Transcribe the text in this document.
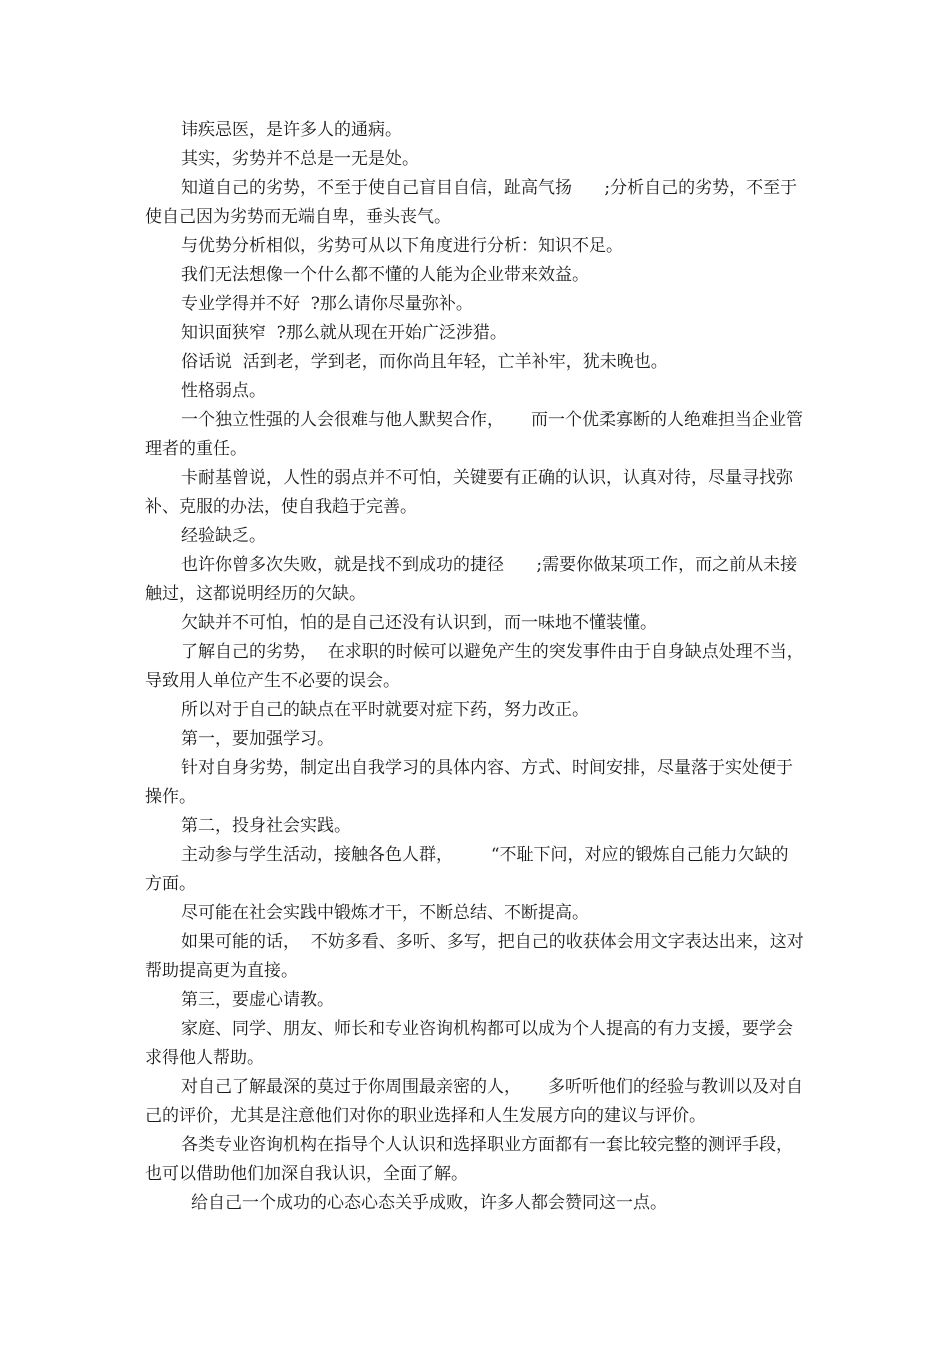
讳疾忌医，是许多人的通病。

其实，劣势并不总是一无是处。

知道自己的劣势，不至于使自己盲目自信，趾高气扬      ;分析自己的劣势，不至于使自己因为劣势而无端自卑，垂头丧气。

与优势分析相似，劣势可从以下角度进行分析：知识不足。

我们无法想像一个什么都不懂的人能为企业带来效益。

专业学得并不好  ?那么请你尽量弥补。

知识面狭窄  ?那么就从现在开始广泛涉猎。

俗话说  活到老，学到老，而你尚且年轻，亡羊补牢，犹未晚也。

性格弱点。

一个独立性强的人会很难与他人默契合作，     而一个优柔寡断的人绝难担当企业管理者的重任。

卡耐基曾说，人性的弱点并不可怕，关键要有正确的认识，认真对待，尽量寻找弥补、克服的办法，使自我趋于完善。

经验缺乏。

也许你曾多次失败，就是找不到成功的捷径      ;需要你做某项工作，而之前从未接触过，这都说明经历的欠缺。

欠缺并不可怕，怕的是自己还没有认识到，而一味地不懂装懂。

了解自己的劣势，  在求职的时候可以避免产生的突发事件由于自身缺点处理不当，导致用人单位产生不必要的误会。

所以对于自己的缺点在平时就要对症下药，努力改正。

第一，要加强学习。

针对自身劣势，制定出自我学习的具体内容、方式、时间安排，尽量落于实处便于操作。

第二，投身社会实践。

主动参与学生活动，接触各色人群，       “不耻下问，对应的锻炼自己能力欠缺的方面。

尽可能在社会实践中锻炼才干，不断总结、不断提高。

如果可能的话，  不妨多看、多听、多写，把自己的收获体会用文字表达出来，这对帮助提高更为直接。

第三，要虚心请教。

家庭、同学、朋友、师长和专业咨询机构都可以成为个人提高的有力支援，要学会求得他人帮助。

对自己了解最深的莫过于你周围最亲密的人，     多听听他们的经验与教训以及对自己的评价，尤其是注意他们对你的职业选择和人生发展方向的建议与评价。

各类专业咨询机构在指导个人认识和选择职业方面都有一套比较完整的测评手段，也可以借助他们加深自我认识，全面了解。

给自己一个成功的心态心态关乎成败，许多人都会赞同这一点。
